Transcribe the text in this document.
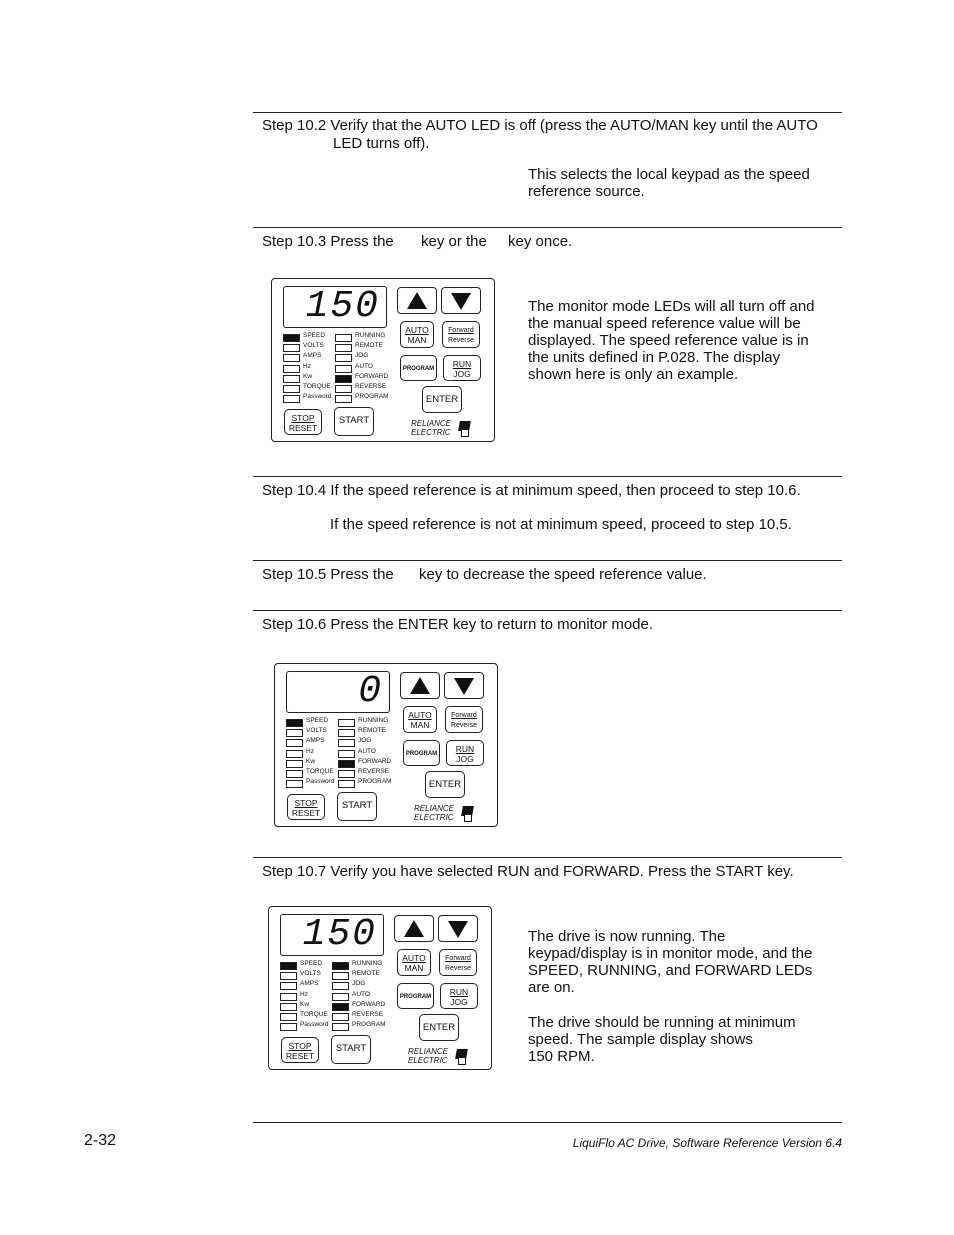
Step 10.2 Verify that the AUTO LED is off (press the AUTO/MAN key until the AUTO
LED turns off).
This selects the local keypad as the speed
reference source.
Step 10.3 Press the key or the key once.
The monitor mode LEDs will all turn off and
the manual speed reference value will be
displayed. The speed reference value is in
the units defined in P.028. The display
shown here is only an example.
Step 10.4 If the speed reference is at minimum speed, then proceed to step 10.6.
If the speed reference is not at minimum speed, proceed to step 10.5.
Step 10.5 Press the key to decrease the speed reference value.
Step 10.6 Press the ENTER key to return to monitor mode.
Step 10.7 Verify you have selected RUN and FORWARD. Press the START key.
The drive is now running. The
keypad/display is in monitor mode, and the
SPEED, RUNNING, and FORWARD LEDs
are on.
The drive should be running at minimum
speed. The sample display shows
150 RPM.
150
SPEED
VOLTS
AMPS
Hz
Kw
TORQUE
Password
RUNNING
REMOTE
JOG
AUTO
FORWARD
REVERSE
PROGRAM
AUTO
MAN
Forward
Reverse
PROGRAM	RUN
JOG
ENTER
STOP
RESET
START	RELIANCE
ELECTRIC
0
SPEED
VOLTS
AMPS
Hz
Kw
TORQUE
Password
RUNNING
REMOTE
JOG
AUTO
FORWARD
REVERSE
PROGRAM
AUTO
MAN
Forward
Reverse
PROGRAM	RUN
JOG
ENTER
STOP
RESET
START	RELIANCE
ELECTRIC
150
SPEED
VOLTS
AMPS
Hz
Kw
TORQUE
Password
RUNNING
REMOTE
JOG
AUTO
FORWARD
REVERSE
PROGRAM
AUTO
MAN
Forward
Reverse
PROGRAM	RUN
JOG
ENTER
STOP
RESET
START	RELIANCE
ELECTRIC
2-32	LiquiFlo AC Drive, Software Reference Version 6.4
